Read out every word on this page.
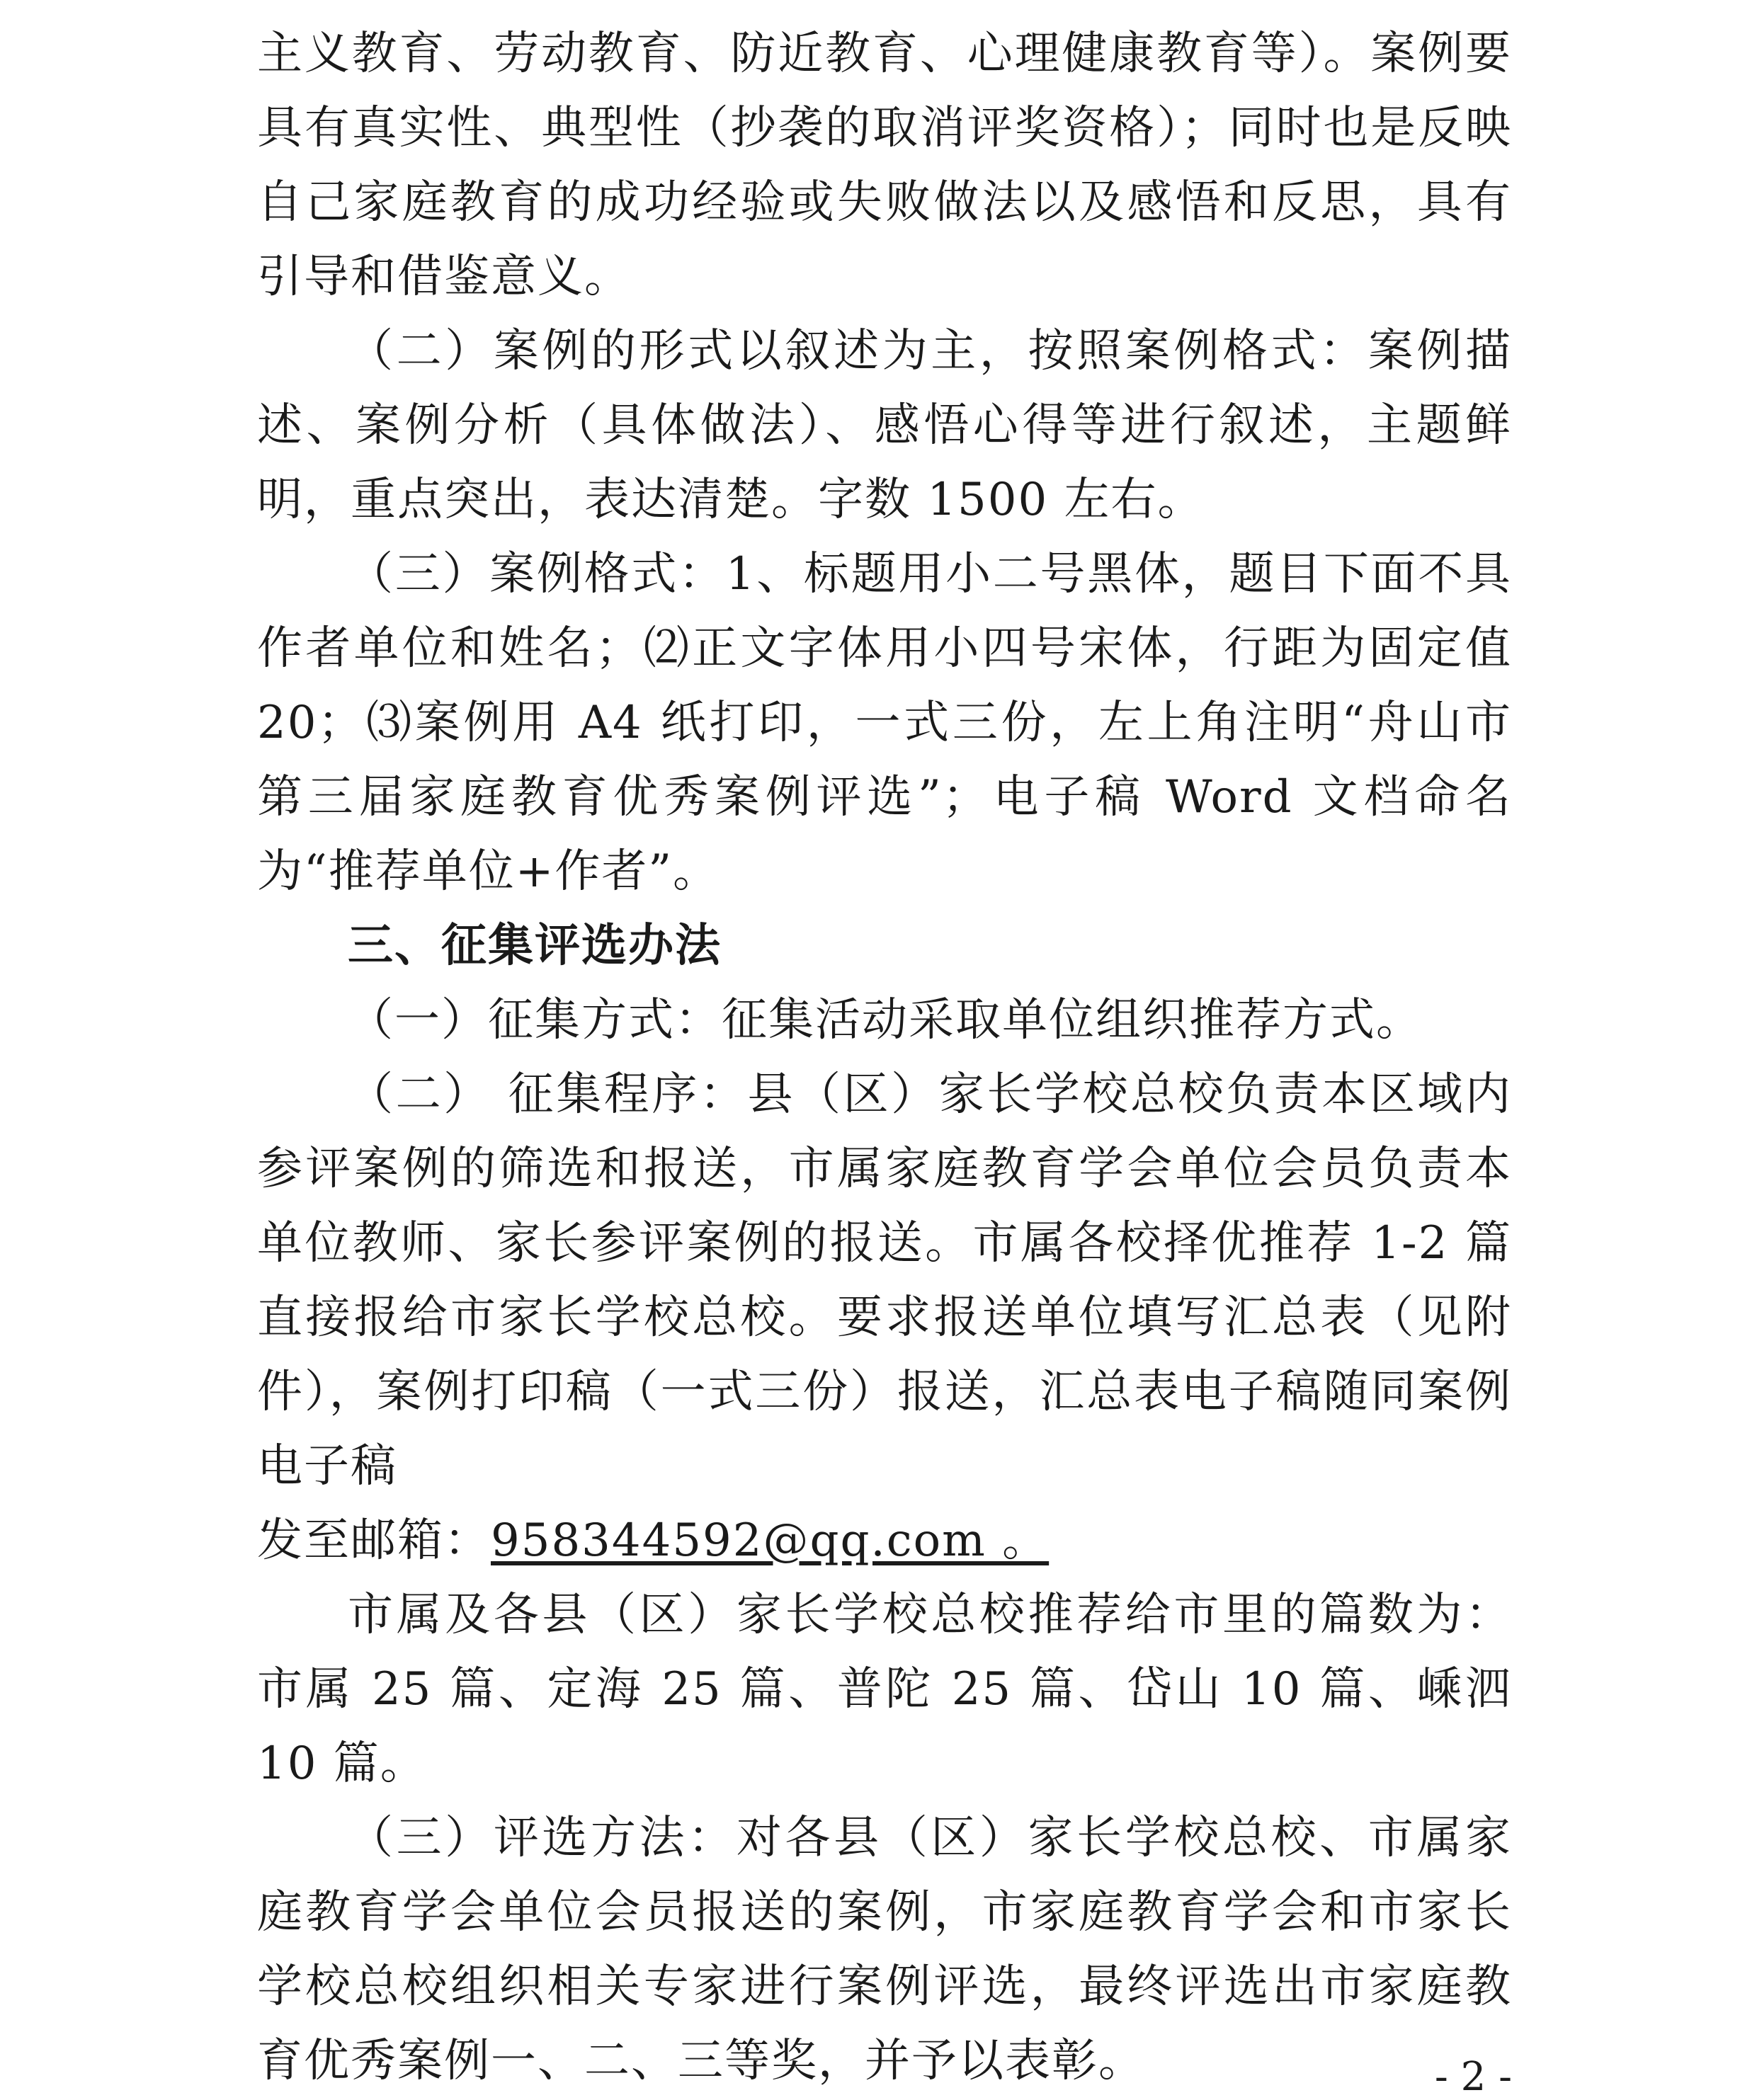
主义教育、劳动教育、防近教育、心理健康教育等）。案例要具有真实性、典型性（抄袭的取消评奖资格）；同时也是反映自己家庭教育的成功经验或失败做法以及感悟和反思，具有引导和借鉴意义。

（二）案例的形式以叙述为主，按照案例格式：案例描述、案例分析（具体做法）、感悟心得等进行叙述，主题鲜明，重点突出，表达清楚。字数 1500 左右。

（三）案例格式：1、标题用小二号黑体，题目下面不具作者单位和姓名；⑵正文字体用小四号宋体，行距为固定值 20；⑶案例用 A4 纸打印，一式三份，左上角注明“舟山市第三届家庭教育优秀案例评选”；电子稿 Word 文档命名为“推荐单位+作者”。

三、征集评选办法

（一）征集方式：征集活动采取单位组织推荐方式。

（二） 征集程序：县（区）家长学校总校负责本区域内参评案例的筛选和报送，市属家庭教育学会单位会员负责本单位教师、家长参评案例的报送。市属各校择优推荐 1-2 篇直接报给市家长学校总校。要求报送单位填写汇总表（见附件），案例打印稿（一式三份）报送，汇总表电子稿随同案例电子稿

发至邮箱：958344592@qq.com 。

市属及各县（区）家长学校总校推荐给市里的篇数为：市属 25 篇、定海 25 篇、普陀 25 篇、岱山 10 篇、嵊泗 10 篇。

（三）评选方法：对各县（区）家长学校总校、市属家庭教育学会单位会员报送的案例，市家庭教育学会和市家长学校总校组织相关专家进行案例评选，最终评选出市家庭教育优秀案例一、二、三等奖，并予以表彰。	- 2 -
